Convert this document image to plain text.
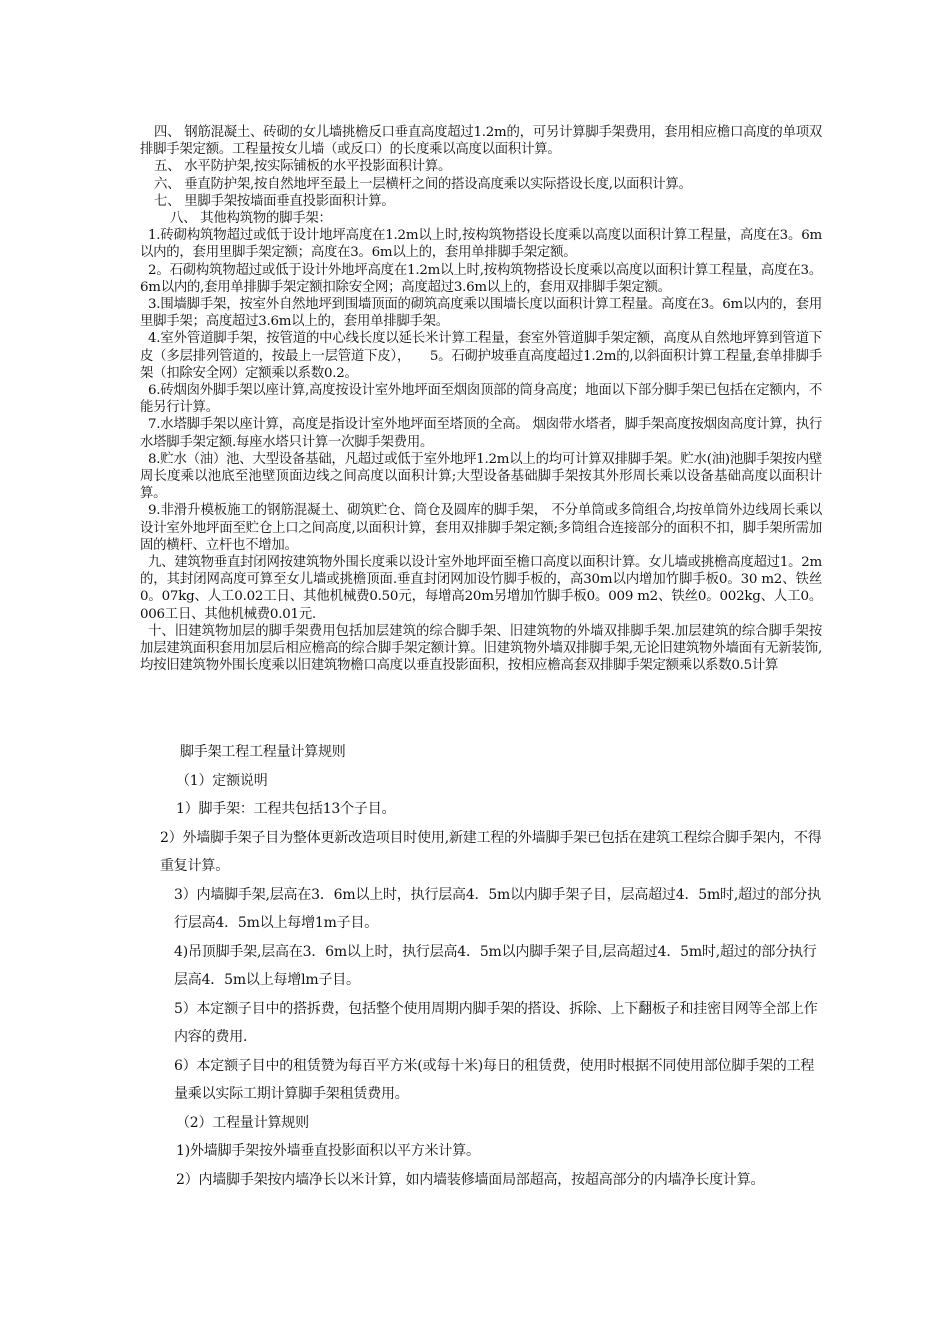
四、 钢筋混凝土、砖砌的女儿墙挑檐反口垂直高度超过1.2m的，可另计算脚手架费用，套用相应檐口高度的单项双排脚手架定额。工程量按女儿墙（或反口）的长度乘以高度以面积计算。

五、 水平防护架,按实际铺板的水平投影面积计算。

六、 垂直防护架,按自然地坪至最上一层横杆之间的搭设高度乘以实际搭设长度,以面积计算。

七、 里脚手架按墙面垂直投影面积计算。

八、 其他构筑物的脚手架：

1.砖砌构筑物超过或低于设计地坪高度在1.2m以上时,按构筑物搭设长度乘以高度以面积计算工程量，高度在3。6m以内的，套用里脚手架定额；高度在3。6m以上的，套用单排脚手架定额。

2。石砌构筑物超过或低于设计外地坪高度在1.2m以上时,按构筑物搭设长度乘以高度以面积计算工程量，高度在3。6m以内的,套用单排脚手架定额扣除安全网；高度超过3.6m以上的，套用双排脚手架定额。

3.围墙脚手架，按室外自然地坪到围墙顶面的砌筑高度乘以围墙长度以面积计算工程量。高度在3。6m以内的，套用里脚手架；高度超过3.6m以上的，套用单排脚手架。

4.室外管道脚手架，按管道的中心线长度以延长米计算工程量，套室外管道脚手架定额，高度从自然地坪算到管道下皮（多层排列管道的，按最上一层管道下皮），　　5。石砌护坡垂直高度超过1.2m的,以斜面积计算工程量,套单排脚手架（扣除安全网）定额乘以系数0.2。

6.砖烟囱外脚手架以座计算,高度按设计室外地坪面至烟囱顶部的筒身高度；地面以下部分脚手架已包括在定额内，不能另行计算。

7.水塔脚手架以座计算，高度是指设计室外地坪面至塔顶的全高。 烟囱带水塔者，脚手架高度按烟囱高度计算，执行水塔脚手架定额.每座水塔只计算一次脚手架费用。

8.贮水（油）池、大型设备基础，凡超过或低于室外地坪1.2m以上的均可计算双排脚手架。贮水(油)池脚手架按内壁周长度乘以池底至池壁顶面边线之间高度以面积计算;大型设备基础脚手架按其外形周长乘以设备基础高度以面积计算。

9.非滑升模板施工的钢筋混凝土、砌筑贮仓、筒仓及圆库的脚手架， 不分单筒或多筒组合,均按单筒外边线周长乘以设计室外地坪面至贮仓上口之间高度,以面积计算，套用双排脚手架定额;多筒组合连接部分的面积不扣，脚手架所需加固的横杆、立杆也不增加。

九、建筑物垂直封闭网按建筑物外围长度乘以设计室外地坪面至檐口高度以面积计算。女儿墙或挑檐高度超过1。2m的，其封闭网高度可算至女儿墙或挑檐顶面.垂直封闭网加设竹脚手板的，高30m以内增加竹脚手板0。30 m2、铁丝0。07kg、人工0.02工日、其他机械费0.50元，每增高20m另增加竹脚手板0。009 m2、铁丝0。002kg、人工0。006工日、其他机械费0.01元.

十、旧建筑物加层的脚手架费用包括加层建筑的综合脚手架、旧建筑物的外墙双排脚手架.加层建筑的综合脚手架按加层建筑面积套用加层后相应檐高的综合脚手架定额计算。旧建筑物外墙双排脚手架,无论旧建筑物外墙面有无新装饰,均按旧建筑物外围长度乘以旧建筑物檐口高度以垂直投影面积，按相应檐高套双排脚手架定额乘以系数0.5计算

脚手架工程工程量计算规则

（1）定额说明

1）脚手架：工程共包括13个子目。

2）外墙脚手架子目为整体更新改造项目时使用,新建工程的外墙脚手架已包括在建筑工程综合脚手架内，不得重复计算。

3）内墙脚手架,层高在3．6m以上时，执行层高4．5m以内脚手架子目，层高超过4．5m时,超过的部分执行层高4．5m以上每增1m子目。

4)吊顶脚手架,层高在3．6m以上时，执行层高4．5m以内脚手架子目,层高超过4．5m时,超过的部分执行层高4．5m以上每增lm子目。

5）本定额子目中的搭拆费，包括整个使用周期内脚手架的搭设、拆除、上下翻板子和挂密目网等全部上作内容的费用.

6）本定额子目中的租赁赞为每百平方米(或每十米)每日的租赁费，使用时根据不同使用部位脚手架的工程量乘以实际工期计算脚手架租赁费用。

（2）工程量计算规则

1)外墙脚手架按外墙垂直投影面积以平方米计算。

2）内墙脚手架按内墙净长以米计算，如内墙装修墙面局部超高，按超高部分的内墙净长度计算。
